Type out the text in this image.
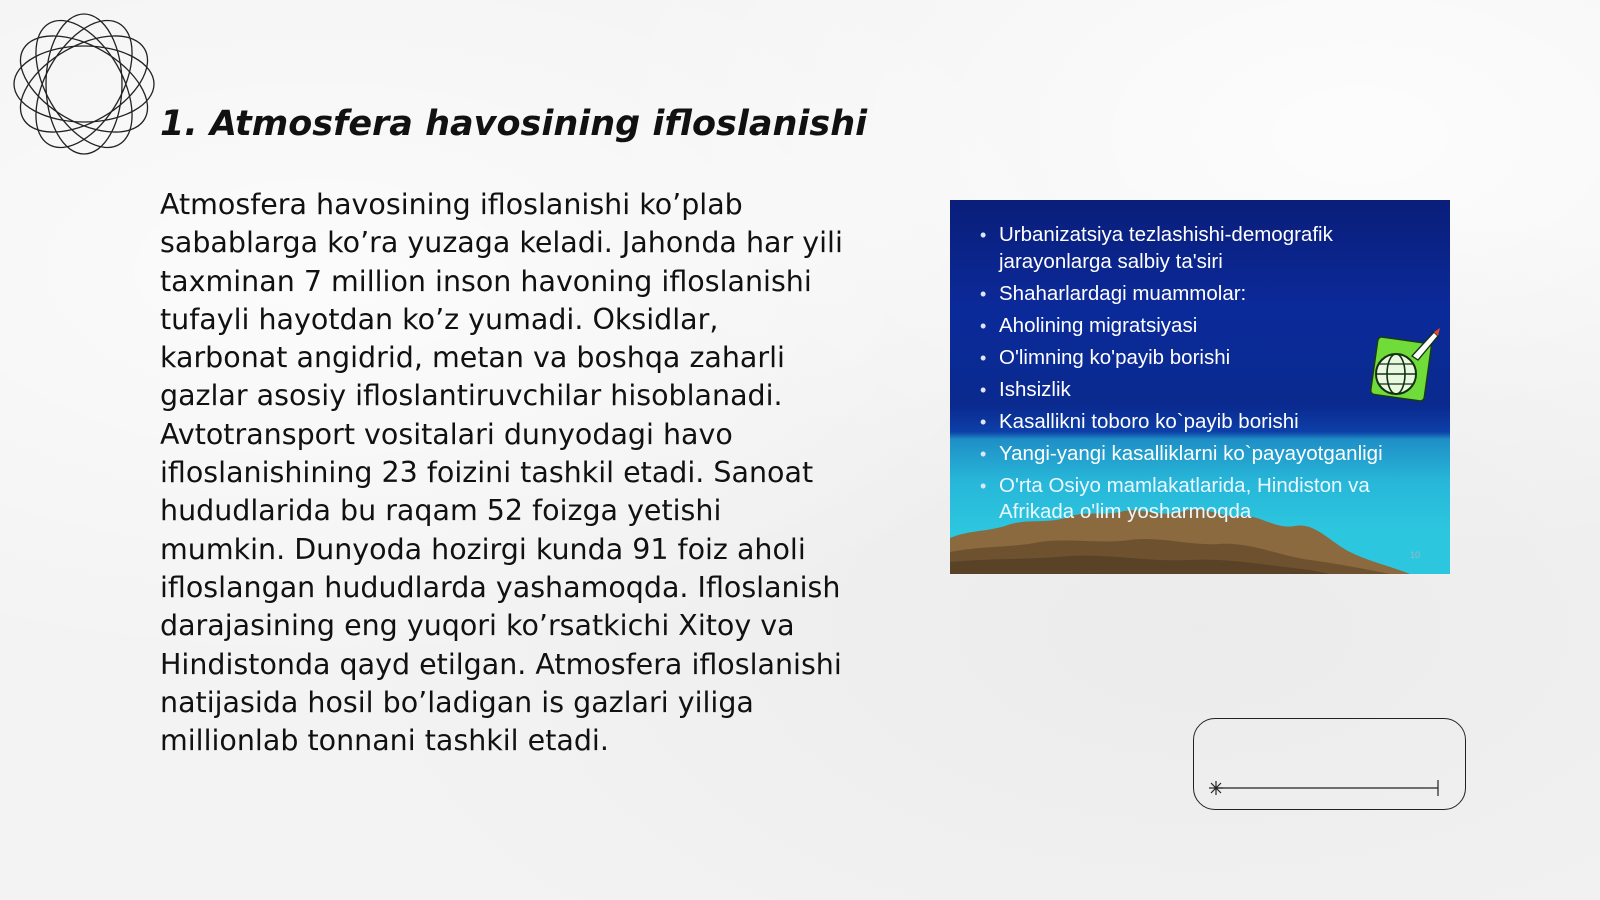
1. Atmosfera havosining ifloslanishi

Atmosfera havosining ifloslanishi ko’plab sabablarga ko’ra yuzaga keladi. Jahonda har yili taxminan 7 million inson havoning ifloslanishi tufayli hayotdan ko’z yumadi. Oksidlar, karbonat angidrid, metan va boshqa zaharli gazlar asosiy ifloslantiruvchilar hisoblanadi. Avtotransport vositalari dunyodagi havo ifloslanishining 23 foizini tashkil etadi. Sanoat hududlarida bu raqam 52 foizga yetishi mumkin. Dunyoda hozirgi kunda 91 foiz aholi ifloslangan hududlarda yashamoqda. Ifloslanish darajasining eng yuqori ko’rsatkichi Xitoy va Hindistonda qayd etilgan. Atmosfera ifloslanishi natijasida hosil bo’ladigan is gazlari yiliga millionlab tonnani tashkil etadi.

• Urbanizatsiya tezlashishi-demografik jarayonlarga salbiy ta'siri
• Shaharlardagi muammolar:
• Aholining migratsiyasi
• O'limning ko'payib borishi
• Ishsizlik
• Kasallikni toboro ko`payib borishi
• Yangi-yangi kasalliklarni ko`payayotganligi
• O'rta Osiyo mamlakatlarida, Hindiston va Afrikada o'lim yosharmoqda
10
